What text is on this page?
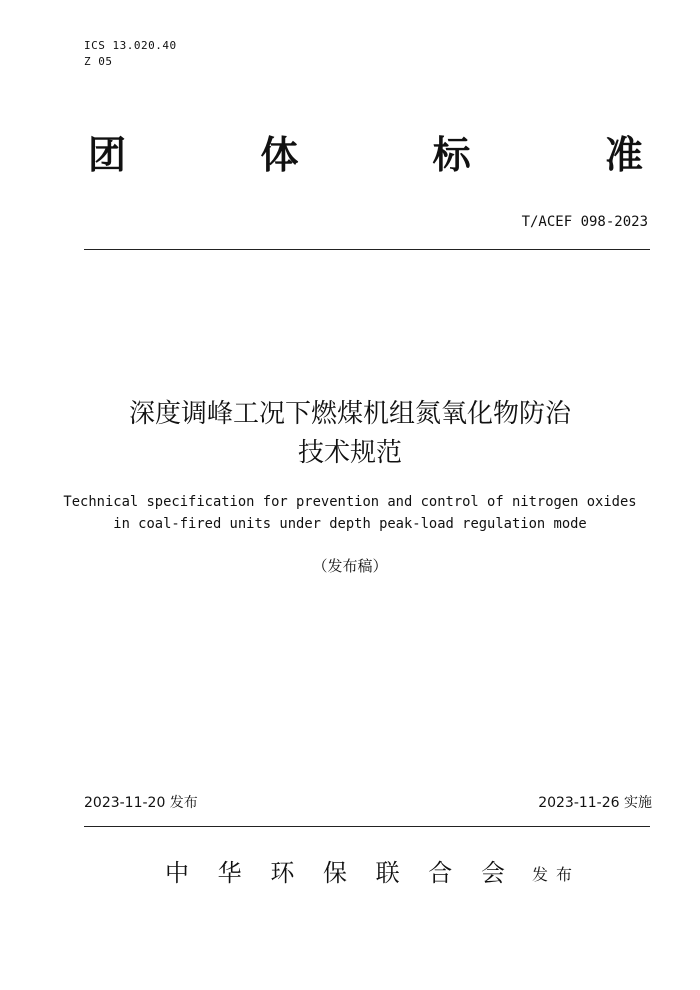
ICS 13.020.40
Z 05
团	体	标	准
T/ACEF 098-2023
深度调峰工况下燃煤机组氮氧化物防治
技术规范
Technical specification for prevention and control of nitrogen oxides
in coal-fired units under depth peak-load regulation mode
（发布稿）
2023-11-20 发布	2023-11-26 实施
中 华 环 保 联 合 会 发布
